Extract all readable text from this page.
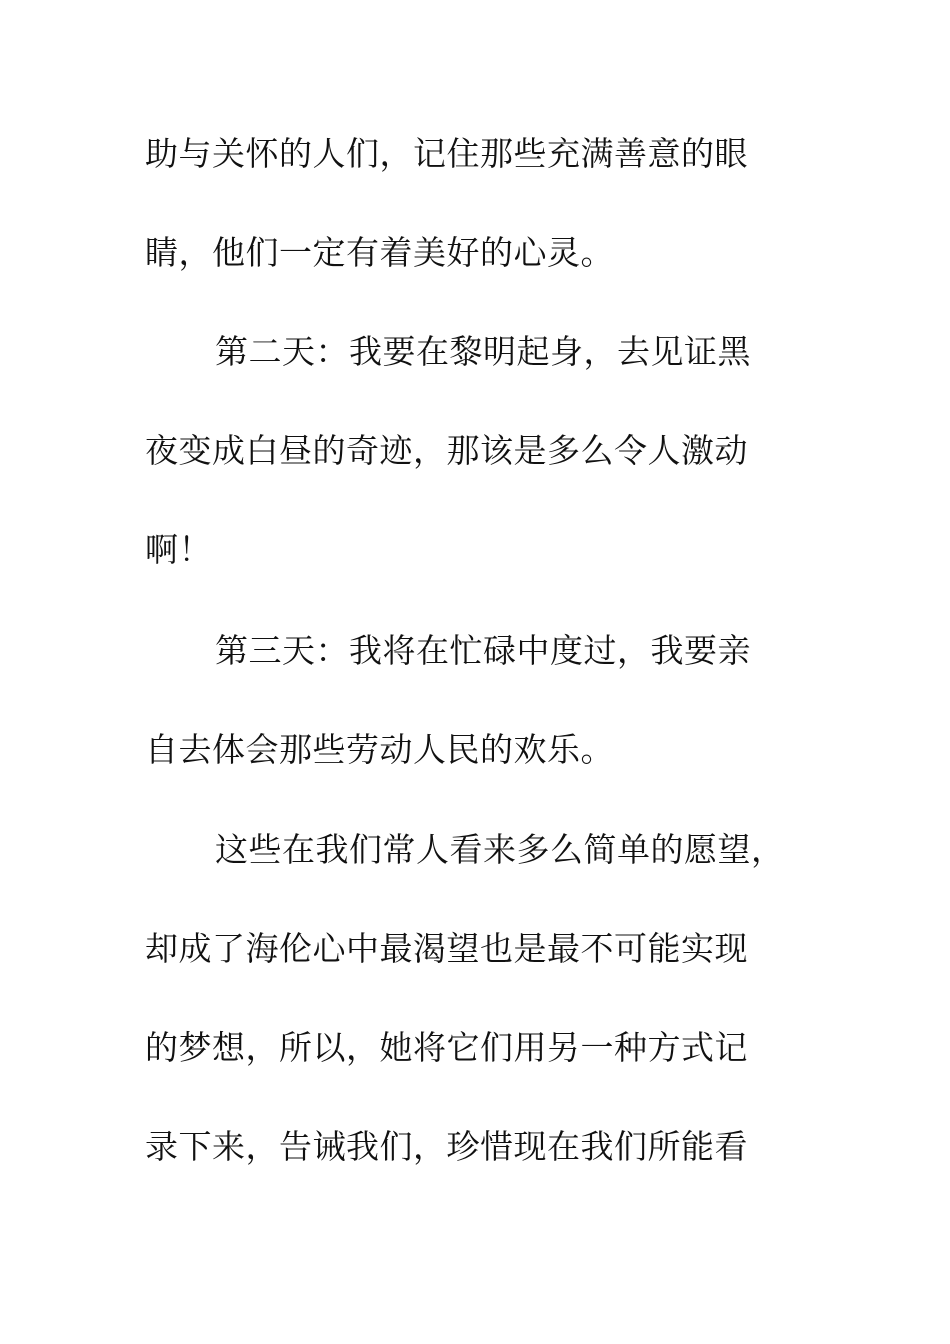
助与关怀的人们，记住那些充满善意的眼

睛，他们一定有着美好的心灵。

第二天：我要在黎明起身，去见证黑

夜变成白昼的奇迹，那该是多么令人激动

啊！

第三天：我将在忙碌中度过，我要亲

自去体会那些劳动人民的欢乐。

这些在我们常人看来多么简单的愿望，

却成了海伦心中最渴望也是最不可能实现

的梦想，所以，她将它们用另一种方式记

录下来，告诫我们，珍惜现在我们所能看
